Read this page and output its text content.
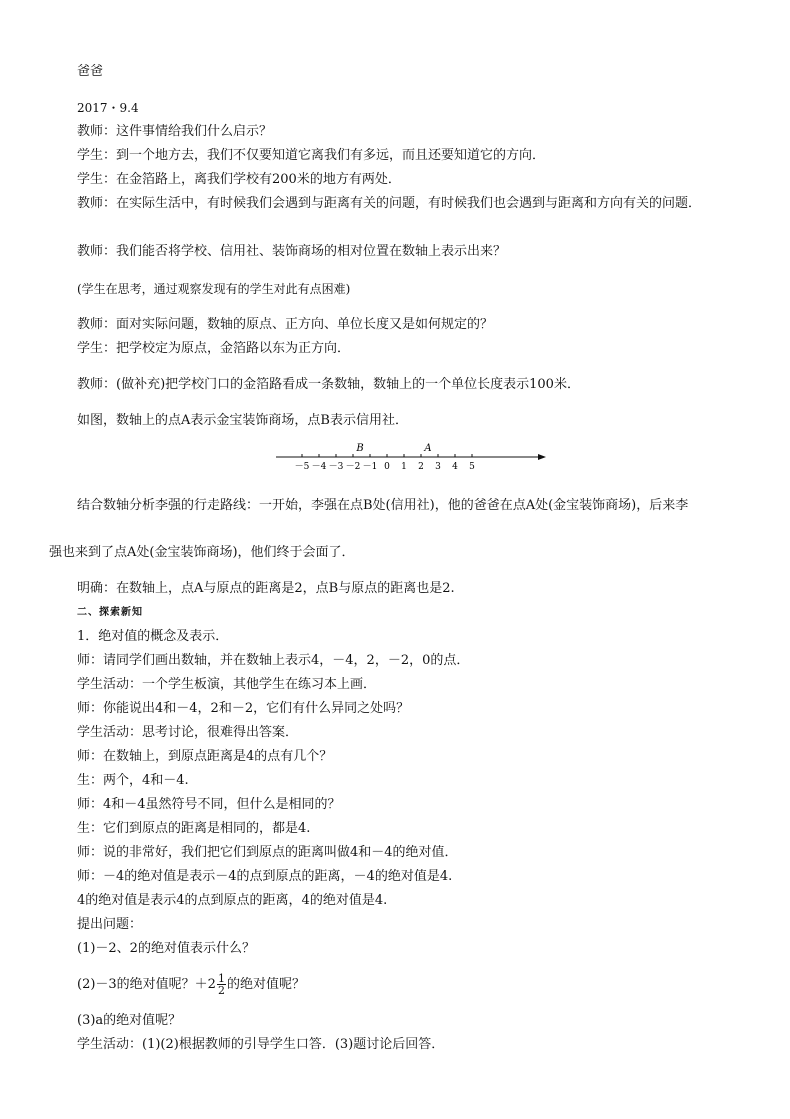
爸爸
2017・9.4
教师：这件事情给我们什么启示？
学生：到一个地方去，我们不仅要知道它离我们有多远，而且还要知道它的方向．
学生：在金箔路上，离我们学校有200米的地方有两处．
教师：在实际生活中，有时候我们会遇到与距离有关的问题，有时候我们也会遇到与距离和方向有关的问题．
教师：我们能否将学校、信用社、装饰商场的相对位置在数轴上表示出来？
(学生在思考，通过观察发现有的学生对此有点困难)
教师：面对实际问题，数轴的原点、正方向、单位长度又是如何规定的？
学生：把学校定为原点，金箔路以东为正方向．
教师：(做补充)把学校门口的金箔路看成一条数轴，数轴上的一个单位长度表示100米．
如图，数轴上的点A表示金宝装饰商场，点B表示信用社．
－5 －4 －3 －2 －1 0 1 2 3 4 5
B	A
结合数轴分析李强的行走路线：一开始，李强在点B处(信用社)，他的爸爸在点A处(金宝装饰商场)，后来李
强也来到了点A处(金宝装饰商场)，他们终于会面了．
明确：在数轴上，点A与原点的距离是2，点B与原点的距离也是2.
二、探索新知
1．绝对值的概念及表示．
师：请同学们画出数轴，并在数轴上表示4，－4，2，－2，0的点．
学生活动：一个学生板演，其他学生在练习本上画．
师：你能说出4和－4，2和－2，它们有什么异同之处吗？
学生活动：思考讨论，很难得出答案．
师：在数轴上，到原点距离是4的点有几个？
生：两个，4和－4.
师：4和－4虽然符号不同，但什么是相同的？
生：它们到原点的距离是相同的，都是4.
师：说的非常好，我们把它们到原点的距离叫做4和－4的绝对值．
师：－4的绝对值是表示－4的点到原点的距离，－4的绝对值是4.
4的绝对值是表示4的点到原点的距离，4的绝对值是4.
提出问题：
(1)－2、2的绝对值表示什么？
(2)－3的绝对值呢？$+2 \frac{1}{2}$ 的绝对值呢？
(3)a的绝对值呢？
学生活动：(1)(2)根据教师的引导学生口答．(3)题讨论后回答．
